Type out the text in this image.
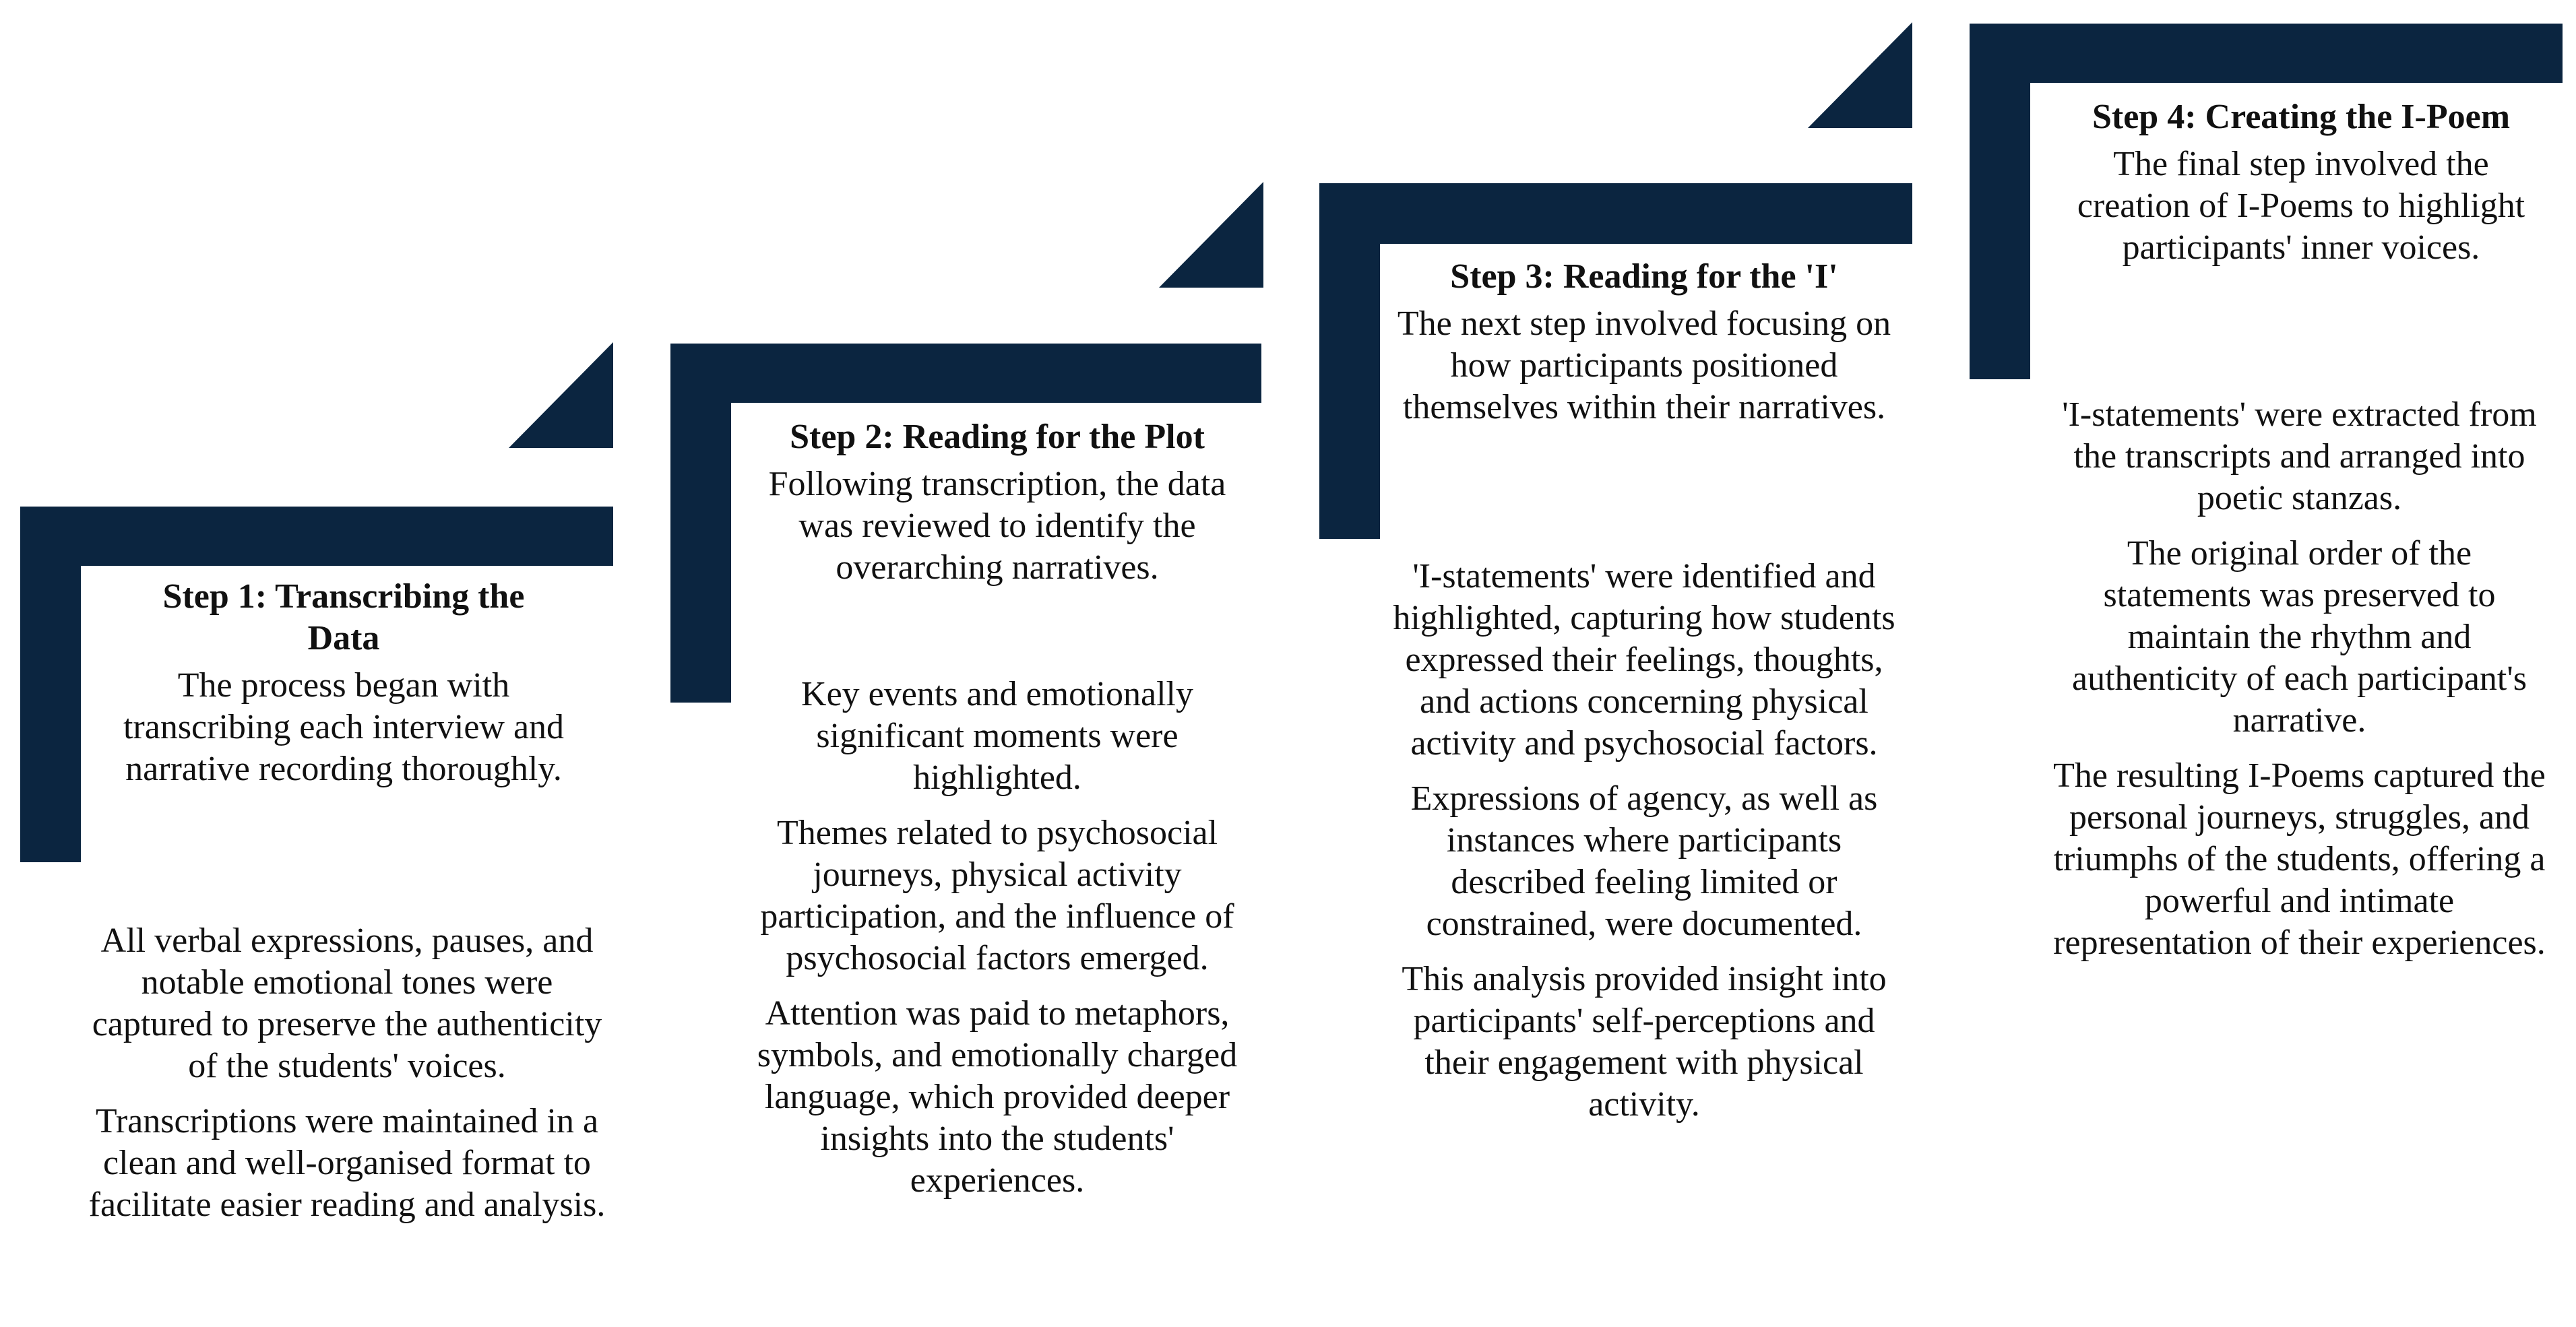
Step 1: Transcribing the Data

The process began with transcribing each interview and narrative recording thoroughly.

All verbal expressions, pauses, and notable emotional tones were captured to preserve the authenticity of the students' voices.

Transcriptions were maintained in a clean and well-organised format to facilitate easier reading and analysis.

Step 2: Reading for the Plot

Following transcription, the data was reviewed to identify the overarching narratives.

Key events and emotionally significant moments were highlighted.

Themes related to psychosocial journeys, physical activity participation, and the influence of psychosocial factors emerged.

Attention was paid to metaphors, symbols, and emotionally charged language, which provided deeper insights into the students' experiences.

Step 3: Reading for the 'I'

The next step involved focusing on how participants positioned themselves within their narratives.

'I-statements' were identified and highlighted, capturing how students expressed their feelings, thoughts, and actions concerning physical activity and psychosocial factors.

Expressions of agency, as well as instances where participants described feeling limited or constrained, were documented.

This analysis provided insight into participants' self-perceptions and their engagement with physical activity.

Step 4: Creating the I-Poem

The final step involved the creation of I-Poems to highlight participants' inner voices.

'I-statements' were extracted from the transcripts and arranged into poetic stanzas.

The original order of the statements was preserved to maintain the rhythm and authenticity of each participant's narrative.

The resulting I-Poems captured the personal journeys, struggles, and triumphs of the students, offering a powerful and intimate representation of their experiences.
